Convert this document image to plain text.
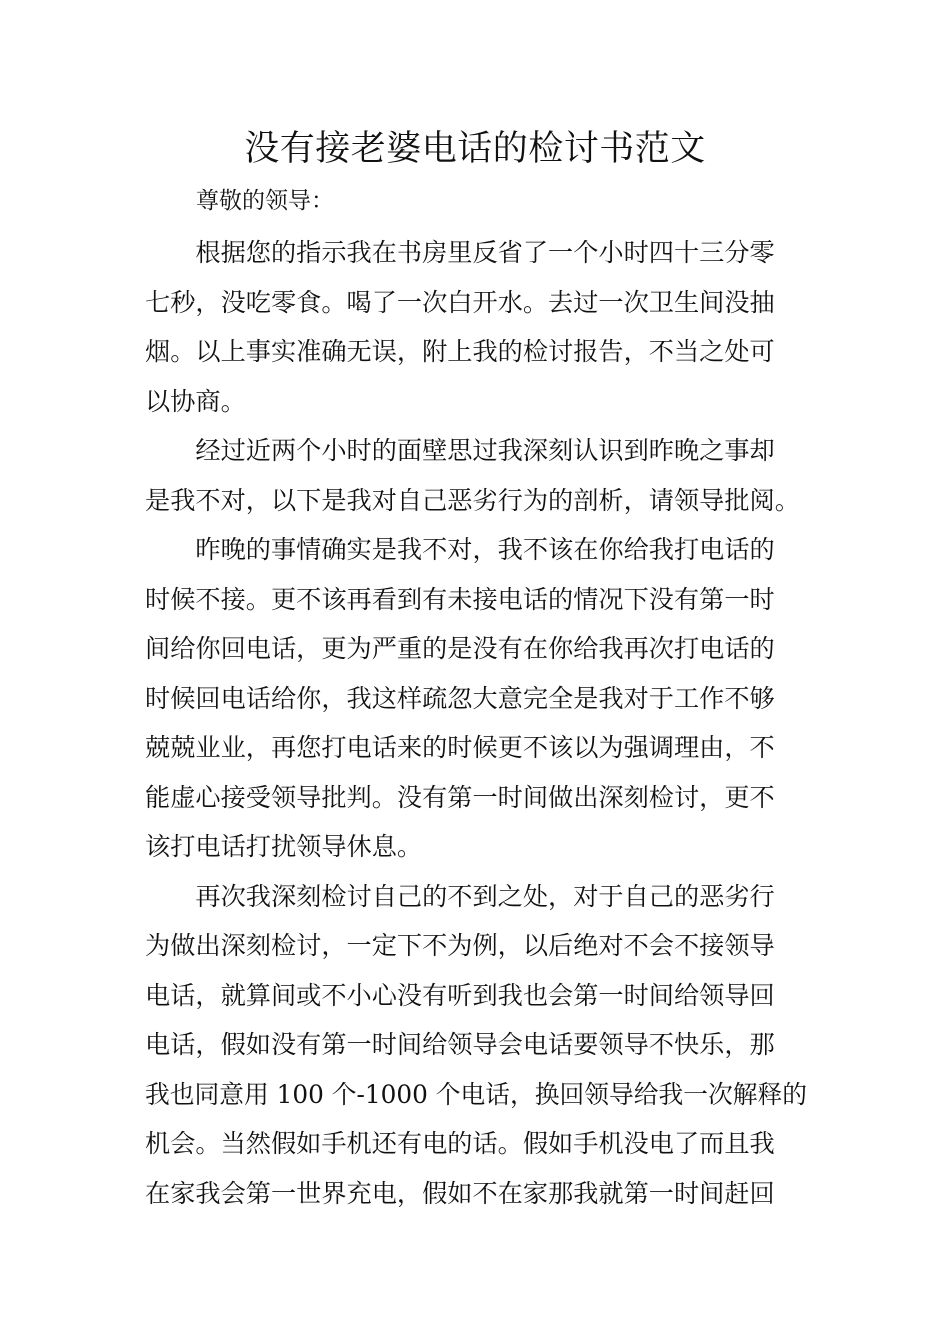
没有接老婆电话的检讨书范文
尊敬的领导：
　　根据您的指示我在书房里反省了一个小时四十三分零
七秒，没吃零食。喝了一次白开水。去过一次卫生间没抽
烟。以上事实准确无误，附上我的检讨报告，不当之处可
以协商。
　　经过近两个小时的面壁思过我深刻认识到昨晚之事却
是我不对，以下是我对自己恶劣行为的剖析，请领导批阅。
　　昨晚的事情确实是我不对，我不该在你给我打电话的
时候不接。更不该再看到有未接电话的情况下没有第一时
间给你回电话，更为严重的是没有在你给我再次打电话的
时候回电话给你，我这样疏忽大意完全是我对于工作不够
兢兢业业，再您打电话来的时候更不该以为强调理由，不
能虚心接受领导批判。没有第一时间做出深刻检讨，更不
该打电话打扰领导休息。
　　再次我深刻检讨自己的不到之处，对于自己的恶劣行
为做出深刻检讨，一定下不为例，以后绝对不会不接领导
电话，就算间或不小心没有听到我也会第一时间给领导回
电话，假如没有第一时间给领导会电话要领导不快乐，那
我也同意用 100 个-1000 个电话，换回领导给我一次解释的
机会。当然假如手机还有电的话。假如手机没电了而且我
在家我会第一世界充电，假如不在家那我就第一时间赶回
